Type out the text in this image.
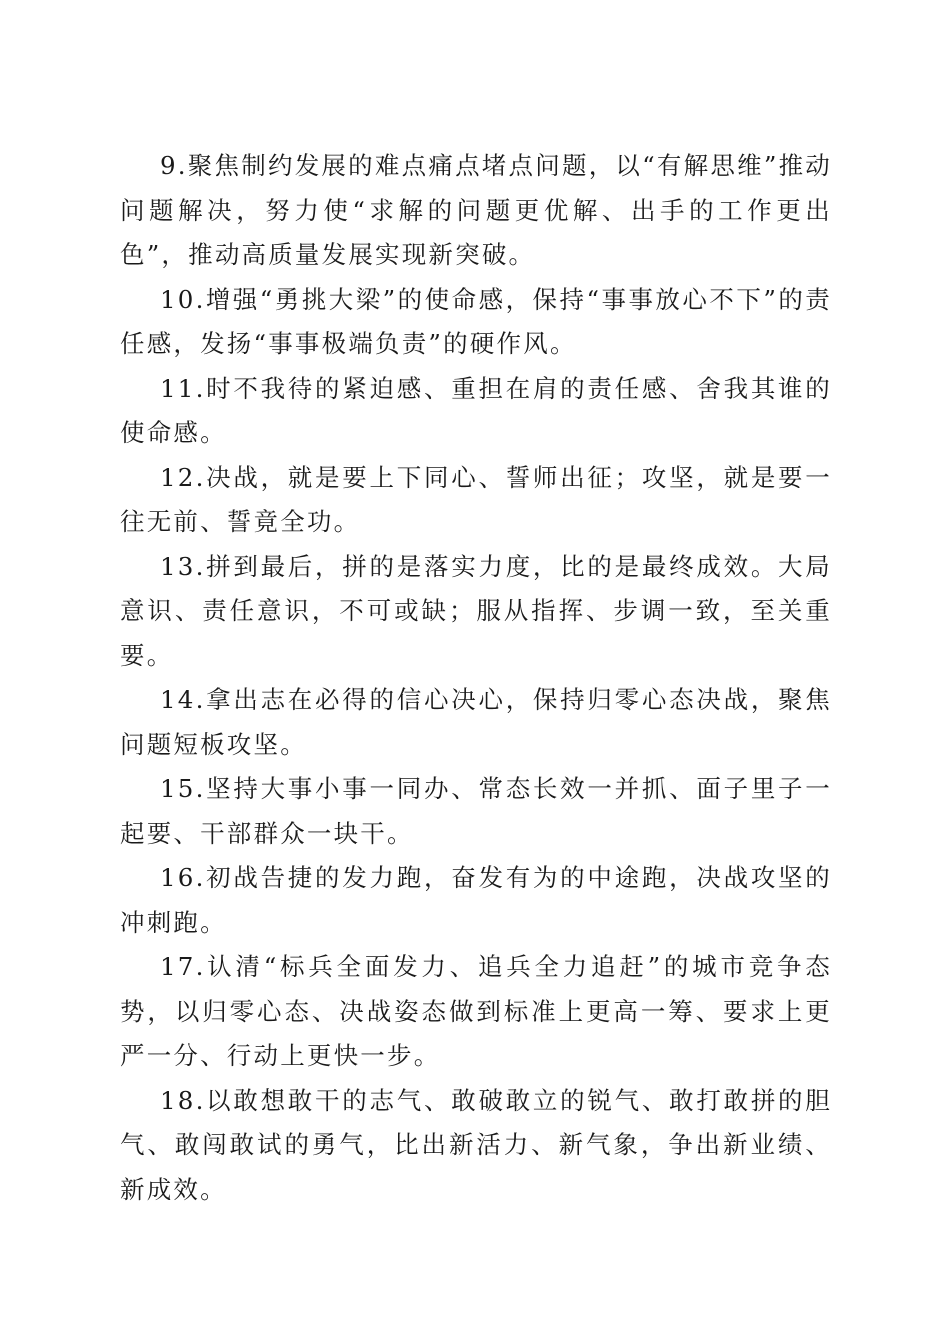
9.聚焦制约发展的难点痛点堵点问题，以“有解思维”推动问题解决，努力使“求解的问题更优解、出手的工作更出色”，推动高质量发展实现新突破。

10.增强“勇挑大梁”的使命感，保持“事事放心不下”的责任感，发扬“事事极端负责”的硬作风。

11.时不我待的紧迫感、重担在肩的责任感、舍我其谁的使命感。

12.决战，就是要上下同心、誓师出征；攻坚，就是要一往无前、誓竟全功。

13.拼到最后，拼的是落实力度，比的是最终成效。大局意识、责任意识，不可或缺；服从指挥、步调一致，至关重要。

14.拿出志在必得的信心决心，保持归零心态决战，聚焦问题短板攻坚。

15.坚持大事小事一同办、常态长效一并抓、面子里子一起要、干部群众一块干。

16.初战告捷的发力跑，奋发有为的中途跑，决战攻坚的冲刺跑。

17.认清“标兵全面发力、追兵全力追赶”的城市竞争态势，以归零心态、决战姿态做到标准上更高一筹、要求上更严一分、行动上更快一步。

18.以敢想敢干的志气、敢破敢立的锐气、敢打敢拼的胆气、敢闯敢试的勇气，比出新活力、新气象，争出新业绩、新成效。
